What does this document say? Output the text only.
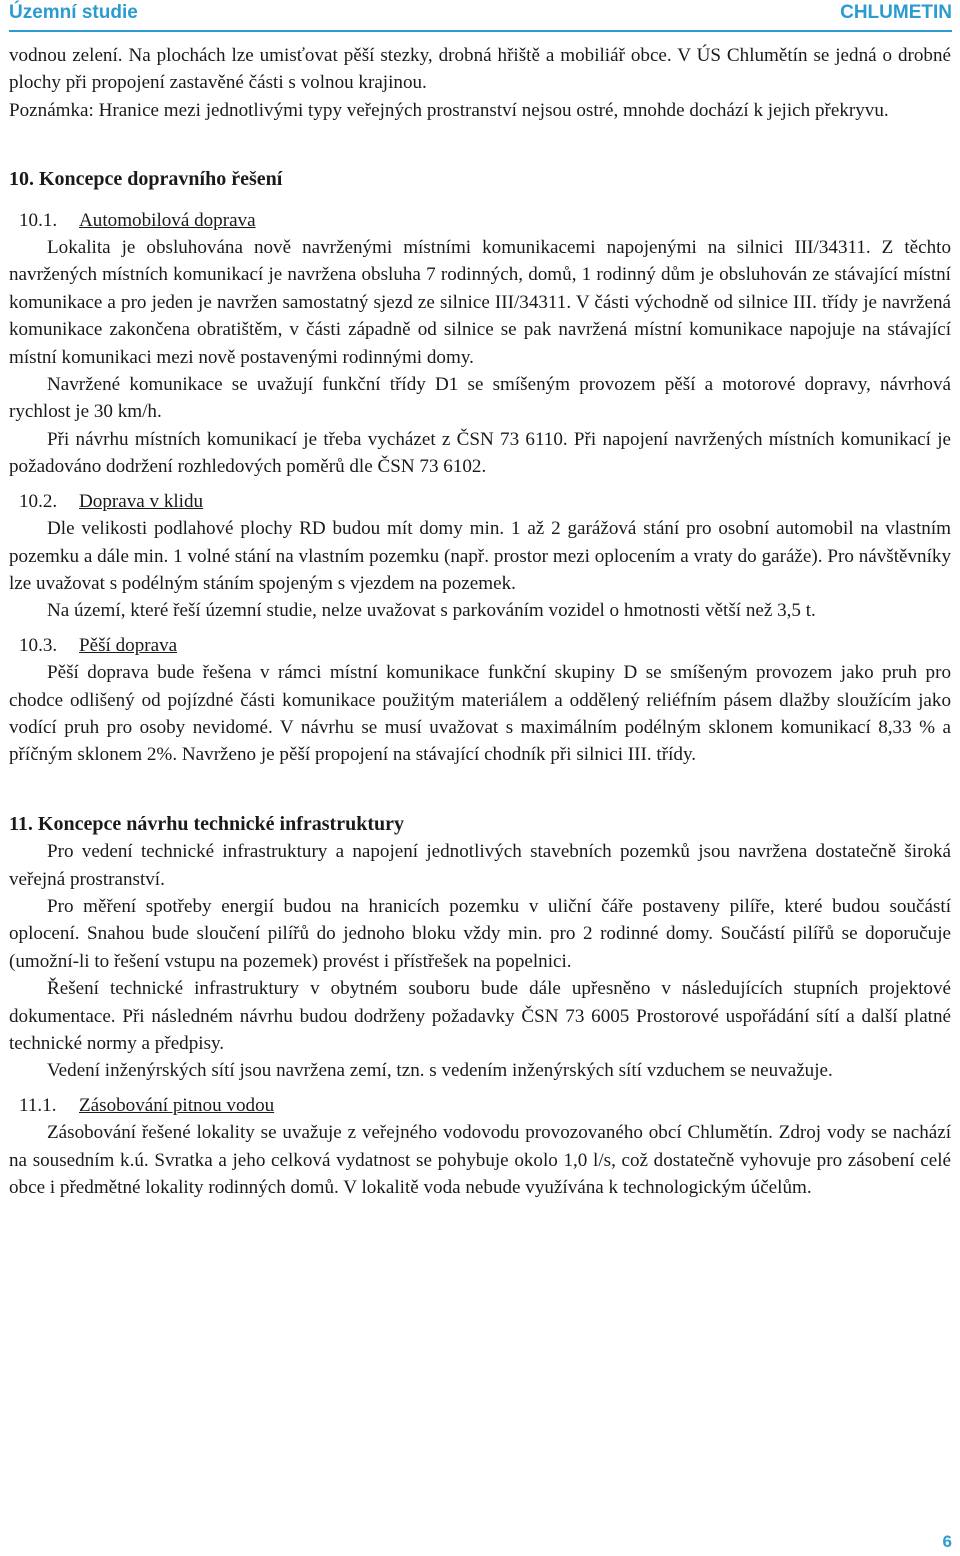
Územní studie	CHLUMETIN

vodnou zelení. Na plochách lze umisťovat pěší stezky, drobná hřiště a mobiliář obce. V ÚS Chlumětín se jedná o drobné plochy při propojení zastavěné části s volnou krajinou.

Poznámka: Hranice mezi jednotlivými typy veřejných prostranství nejsou ostré, mnohde dochází k jejich překryvu.

10. Koncepce dopravního řešení

10.1. Automobilová doprava

Lokalita je obsluhována nově navrženými místními komunikacemi napojenými na silnici III/34311. Z těchto navržených místních komunikací je navržena obsluha 7 rodinných, domů, 1 rodinný dům je obsluhován ze stávající místní komunikace a pro jeden je navržen samostatný sjezd ze silnice III/34311. V části východně od silnice III. třídy je navržená komunikace zakončena obratištěm, v části západně od silnice se pak navržená místní komunikace napojuje na stávající místní komunikaci mezi nově postavenými rodinnými domy.

Navržené komunikace se uvažují funkční třídy D1 se smíšeným provozem pěší a motorové dopravy, návrhová rychlost je 30 km/h.

Při návrhu místních komunikací je třeba vycházet z ČSN 73 6110. Při napojení navržených místních komunikací je požadováno dodržení rozhledových poměrů dle ČSN 73 6102.

10.2. Doprava v klidu

Dle velikosti podlahové plochy RD budou mít domy min. 1 až 2 garážová stání pro osobní automobil na vlastním pozemku a dále min. 1 volné stání na vlastním pozemku (např. prostor mezi oplocením a vraty do garáže). Pro návštěvníky lze uvažovat s podélným stáním spojeným s vjezdem na pozemek.

Na území, které řeší územní studie, nelze uvažovat s parkováním vozidel o hmotnosti větší než 3,5 t.

10.3. Pěší doprava

Pěší doprava bude řešena v rámci místní komunikace funkční skupiny D se smíšeným provozem jako pruh pro chodce odlišený od pojízdné části komunikace použitým materiálem a oddělený reliéfním pásem dlažby sloužícím jako vodící pruh pro osoby nevidomé. V návrhu se musí uvažovat s maximálním podélným sklonem komunikací 8,33 % a příčným sklonem 2%. Navrženo je pěší propojení na stávající chodník při silnici III. třídy.

11. Koncepce návrhu technické infrastruktury

Pro vedení technické infrastruktury a napojení jednotlivých stavebních pozemků jsou navržena dostatečně široká veřejná prostranství.

Pro měření spotřeby energií budou na hranicích pozemku v uliční čáře postaveny pilíře, které budou součástí oplocení. Snahou bude sloučení pilířů do jednoho bloku vždy min. pro 2 rodinné domy. Součástí pilířů se doporučuje (umožní-li to řešení vstupu na pozemek) provést i přístřešek na popelnici.

Řešení technické infrastruktury v obytném souboru bude dále upřesněno v následujících stupních projektové dokumentace. Při následném návrhu budou dodrženy požadavky ČSN 73 6005 Prostorové uspořádání sítí a další platné technické normy a předpisy.

Vedení inženýrských sítí jsou navržena zemí, tzn. s vedením inženýrských sítí vzduchem se neuvažuje.

11.1. Zásobování pitnou vodou

Zásobování řešené lokality se uvažuje z veřejného vodovodu provozovaného obcí Chlumětín. Zdroj vody se nachází na sousedním k.ú. Svratka a jeho celková vydatnost se pohybuje okolo 1,0 l/s, což dostatečně vyhovuje pro zásobení celé obce i předmětné lokality rodinných domů. V lokalitě voda nebude využívána k technologickým účelům.

6
